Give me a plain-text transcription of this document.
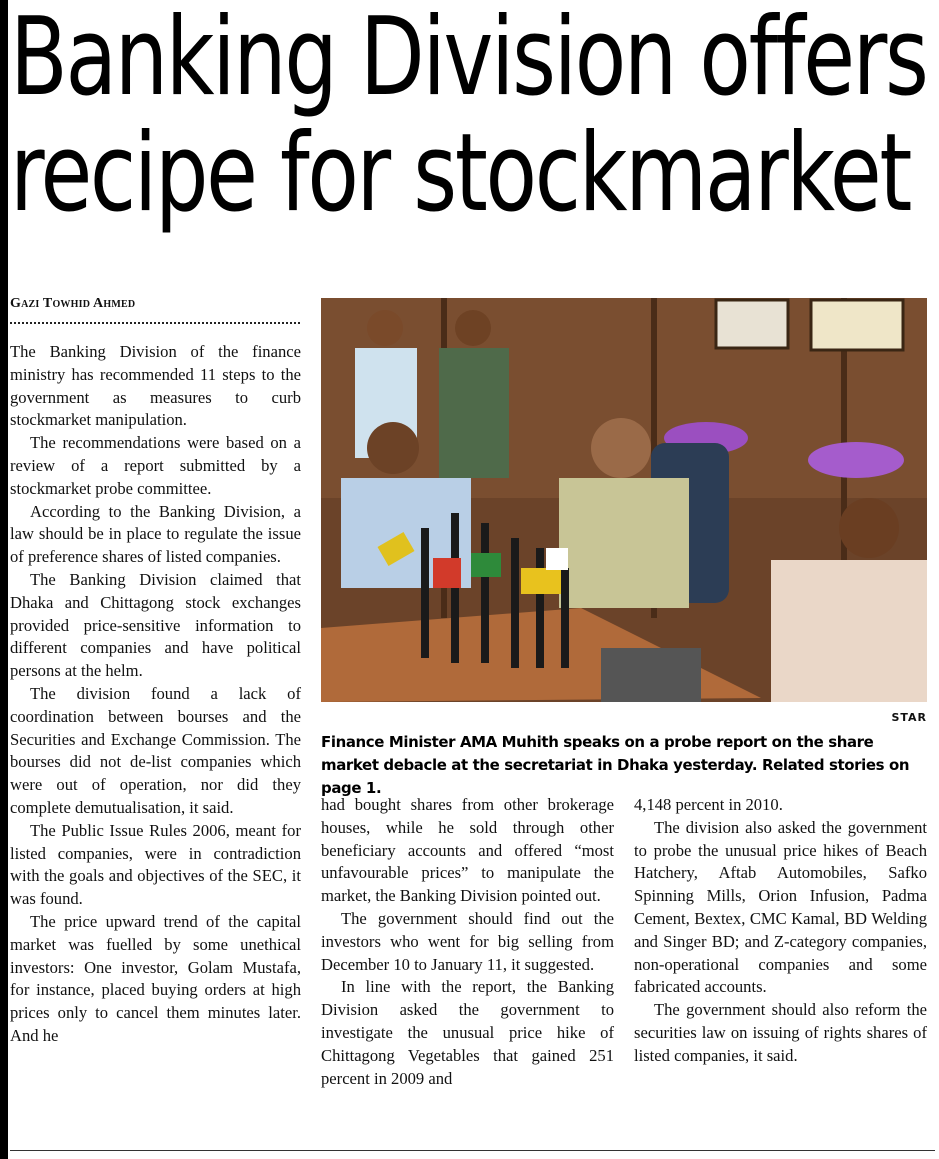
Banking Division offers
recipe for stockmarket
Gazi Towhid Ahmed

The Banking Division of the finance ministry has recommended 11 steps to the government as measures to curb stockmarket manipulation.

The recommendations were based on a review of a report submitted by a stockmarket probe committee.

According to the Banking Division, a law should be in place to regulate the issue of preference shares of listed companies.

The Banking Division claimed that Dhaka and Chittagong stock exchanges provided price-sensitive information to different companies and have political persons at the helm.

The division found a lack of coordination between bourses and the Securities and Exchange Commission. The bourses did not de-list companies which were out of operation, nor did they complete demutualisation, it said.

The Public Issue Rules 2006, meant for listed companies, were in contradiction with the goals and objectives of the SEC, it was found.

The price upward trend of the capital market was fuelled by some unethical investors: One investor, Golam Mustafa, for instance, placed buying orders at high prices only to cancel them minutes later. And he

STAR
Finance Minister AMA Muhith speaks on a probe report on the share market debacle at the secretariat in Dhaka yesterday. Related stories on page 1.

had bought shares from other brokerage houses, while he sold through other beneficiary accounts and offered “most unfavourable prices” to manipulate the market, the Banking Division pointed out.

The government should find out the investors who went for big selling from December 10 to January 11, it suggested.

In line with the report, the Banking Division asked the government to investigate the unusual price hike of Chittagong Vegetables that gained 251 percent in 2009 and

4,148 percent in 2010.

The division also asked the government to probe the unusual price hikes of Beach Hatchery, Aftab Automobiles, Safko Spinning Mills, Orion Infusion, Padma Cement, Bextex, CMC Kamal, BD Welding and Singer BD; and Z-category companies, non-operational companies and some fabricated accounts.

The government should also reform the securities law on issuing of rights shares of listed companies, it said.
